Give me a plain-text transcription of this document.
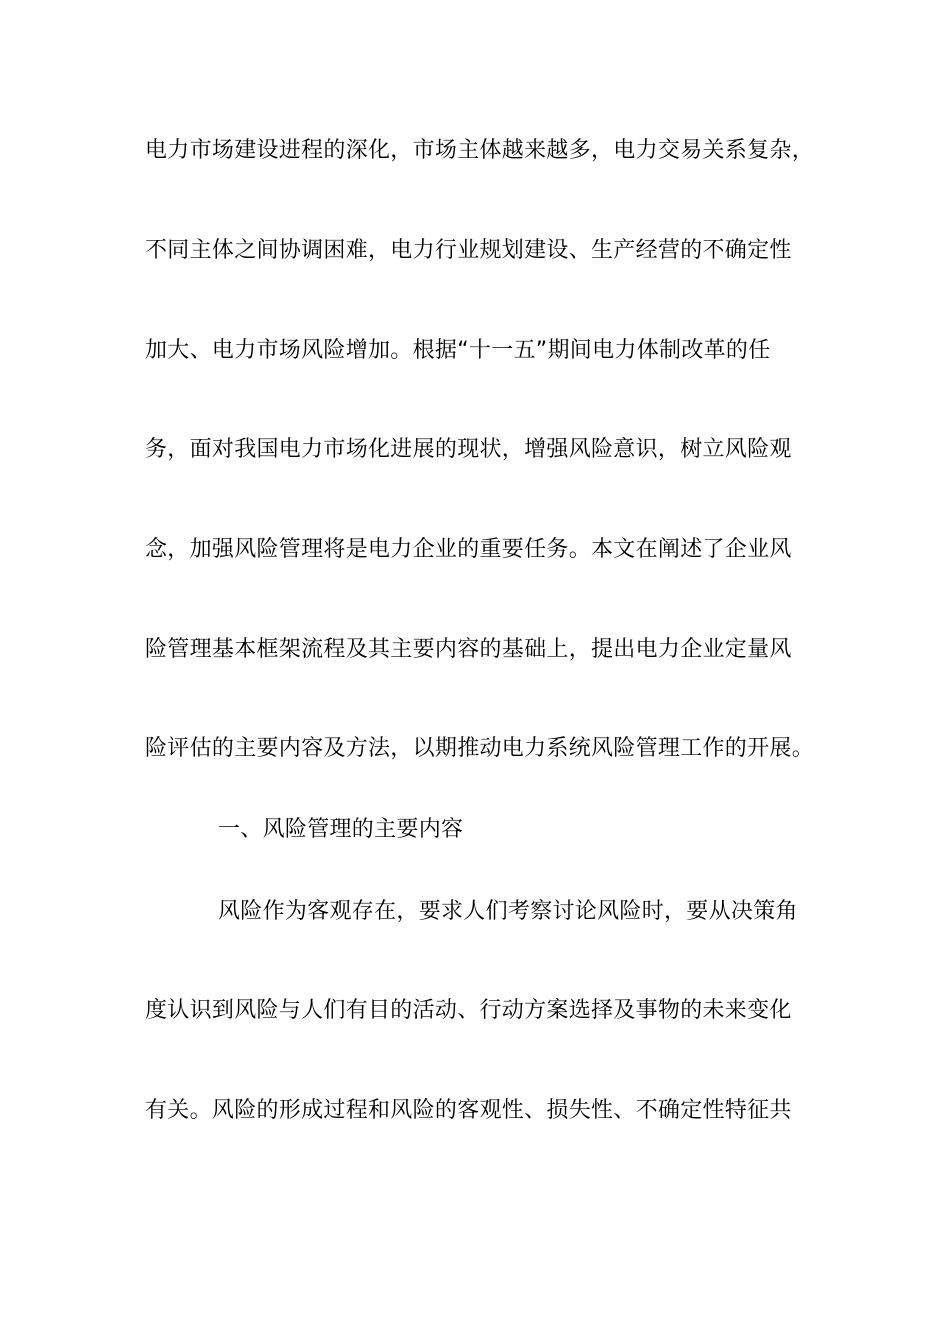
电力市场建设进程的深化，市场主体越来越多，电力交易关系复杂，
不同主体之间协调困难，电力行业规划建设、生产经营的不确定性
加大、电力市场风险增加。根据“十一五”期间电力体制改革的任
务，面对我国电力市场化进展的现状，增强风险意识，树立风险观
念，加强风险管理将是电力企业的重要任务。本文在阐述了企业风
险管理基本框架流程及其主要内容的基础上，提出电力企业定量风
险评估的主要内容及方法，以期推动电力系统风险管理工作的开展。
一、风险管理的主要内容
风险作为客观存在，要求人们考察讨论风险时，要从决策角
度认识到风险与人们有目的活动、行动方案选择及事物的未来变化
有关。风险的形成过程和风险的客观性、损失性、不确定性特征共
